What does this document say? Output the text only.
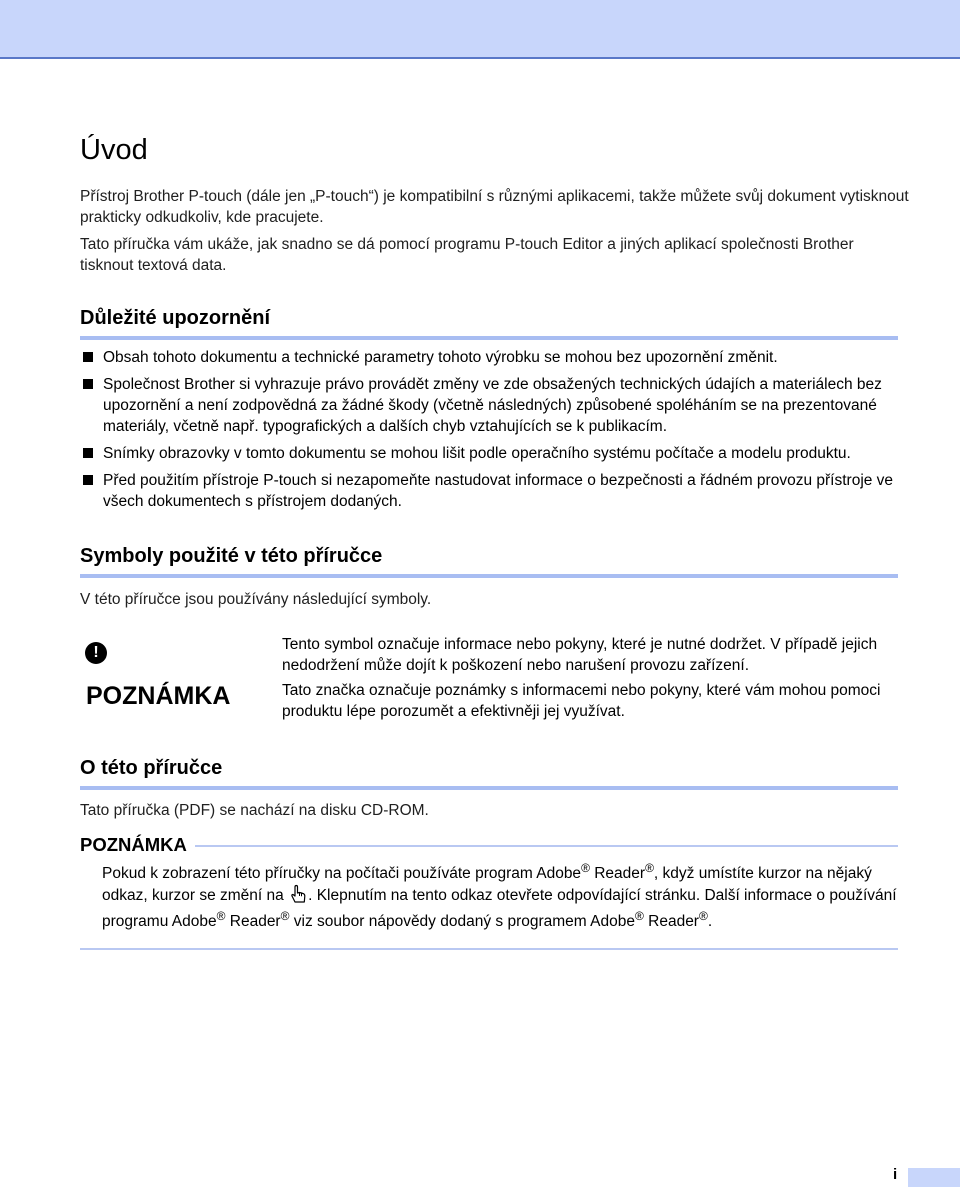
Úvod

Přístroj Brother P-touch (dále jen „P-touch“) je kompatibilní s různými aplikacemi, takže můžete svůj dokument vytisknout prakticky odkudkoliv, kde pracujete.

Tato příručka vám ukáže, jak snadno se dá pomocí programu P-touch Editor a jiných aplikací společnosti Brother tisknout textová data.

Důležité upozornění
Obsah tohoto dokumentu a technické parametry tohoto výrobku se mohou bez upozornění změnit.
Společnost Brother si vyhrazuje právo provádět změny ve zde obsažených technických údajích a materiálech bez upozornění a není zodpovědná za žádné škody (včetně následných) způsobené spoléháním se na prezentované materiály, včetně např. typografických a dalších chyb vztahujících se k publikacím.
Snímky obrazovky v tomto dokumentu se mohou lišit podle operačního systému počítače a modelu produktu.
Před použitím přístroje P-touch si nezapomeňte nastudovat informace o bezpečnosti a řádném provozu přístroje ve všech dokumentech s přístrojem dodaných.
Symboly použité v této příručce

V této příručce jsou používány následující symboly.

!
POZNÁMKA

Tento symbol označuje informace nebo pokyny, které je nutné dodržet. V případě jejich nedodržení může dojít k poškození nebo narušení provozu zařízení.

Tato značka označuje poznámky s informacemi nebo pokyny, které vám mohou pomoci produktu lépe porozumět a efektivněji jej využívat.

O této příručce

Tato příručka (PDF) se nachází na disku CD-ROM.

POZNÁMKA

Pokud k zobrazení této příručky na počítači používáte program Adobe® Reader®, když umístíte kurzor na nějaký odkaz, kurzor se změní na . Klepnutím na tento odkaz otevřete odpovídající stránku. Další informace o používání programu Adobe® Reader® viz soubor nápovědy dodaný s programem Adobe® Reader®.

i
